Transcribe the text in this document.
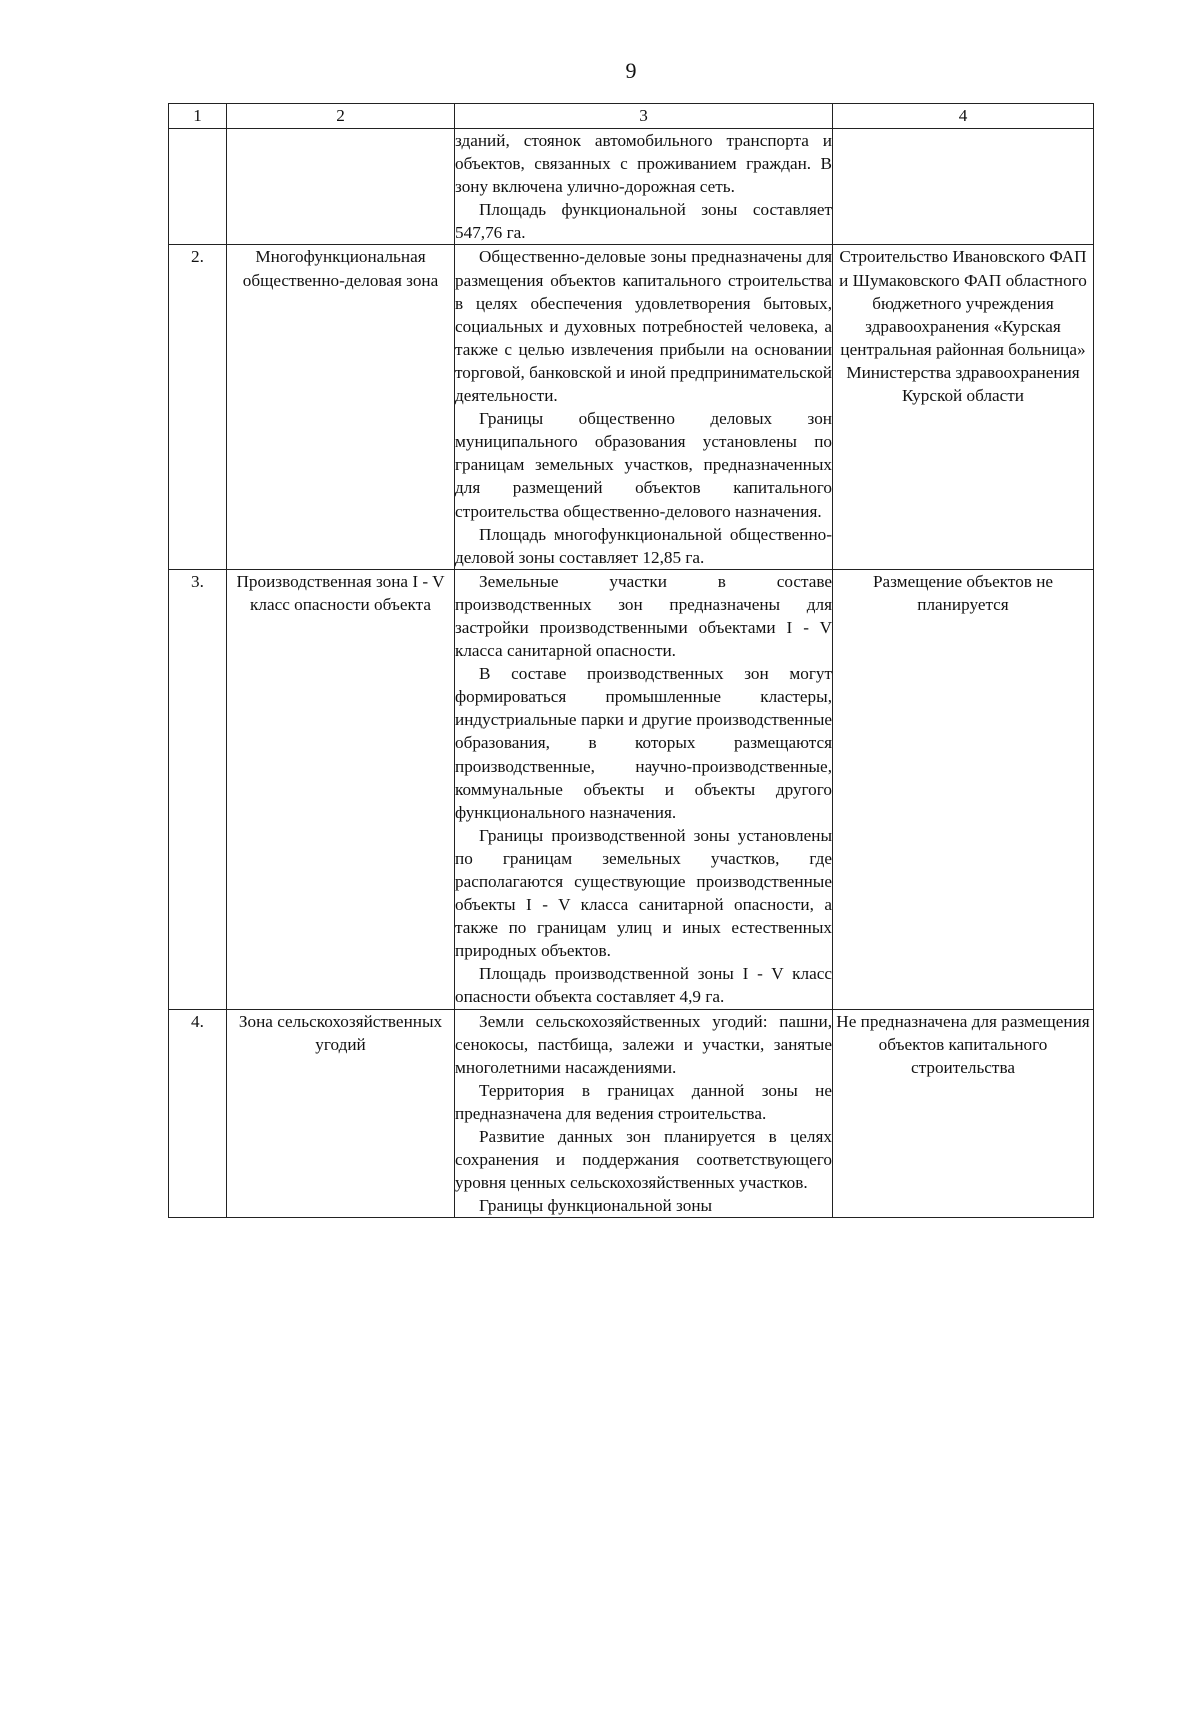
9
1	2	3	4

		зданий, стоянок автомобильного транспорта и объектов, связанных с проживанием граждан. В зону включена улично-дорожная сеть.

Площадь функциональной зоны составляет 547,76 га.	

2.	Многофункциональная общественно-деловая зона	Общественно-деловые зоны предназначены для размещения объектов капитального строительства в целях обеспечения удовлетворения бытовых, социальных и духовных потребностей человека, а также с целью извлечения прибыли на основании торговой, банковской и иной предпринимательской деятельности.

Границы общественно деловых зон муниципального образования установлены по границам земельных участков, предназначенных для размещений объектов капитального строительства общественно-делового назначения.

Площадь многофункциональной общественно-деловой зоны составляет 12,85 га.	Строительство Ивановского ФАП и Шумаковского ФАП областного бюджетного учреждения здравоохранения «Курская центральная районная больница» Министерства здравоохранения Курской области
3.	Производственная зона I - V класс опасности объекта	Земельные участки в составе производственных зон предназначены для застройки производственными объектами I - V класса санитарной опасности.

В составе производственных зон могут формироваться промышленные кластеры, индустриальные парки и другие производственные образования, в которых размещаются производственные, научно-производственные, коммунальные объекты и объекты другого функционального назначения.

Границы производственной зоны установлены по границам земельных участков, где располагаются существующие производственные объекты I - V класса санитарной опасности, а также по границам улиц и иных естественных природных объектов.

Площадь производственной зоны I - V класс опасности объекта составляет 4,9 га.	Размещение объектов не планируется
4.	Зона сельскохозяйственных угодий	Земли сельскохозяйственных угодий: пашни, сенокосы, пастбища, залежи и участки, занятые многолетними насаждениями.

Территория в границах данной зоны не предназначена для ведения строительства.

Развитие данных зон планируется в целях сохранения и поддержания соответствующего уровня ценных сельскохозяйственных участков.

Границы функциональной зоны	Не предназначена для размещения объектов капитального строительства
